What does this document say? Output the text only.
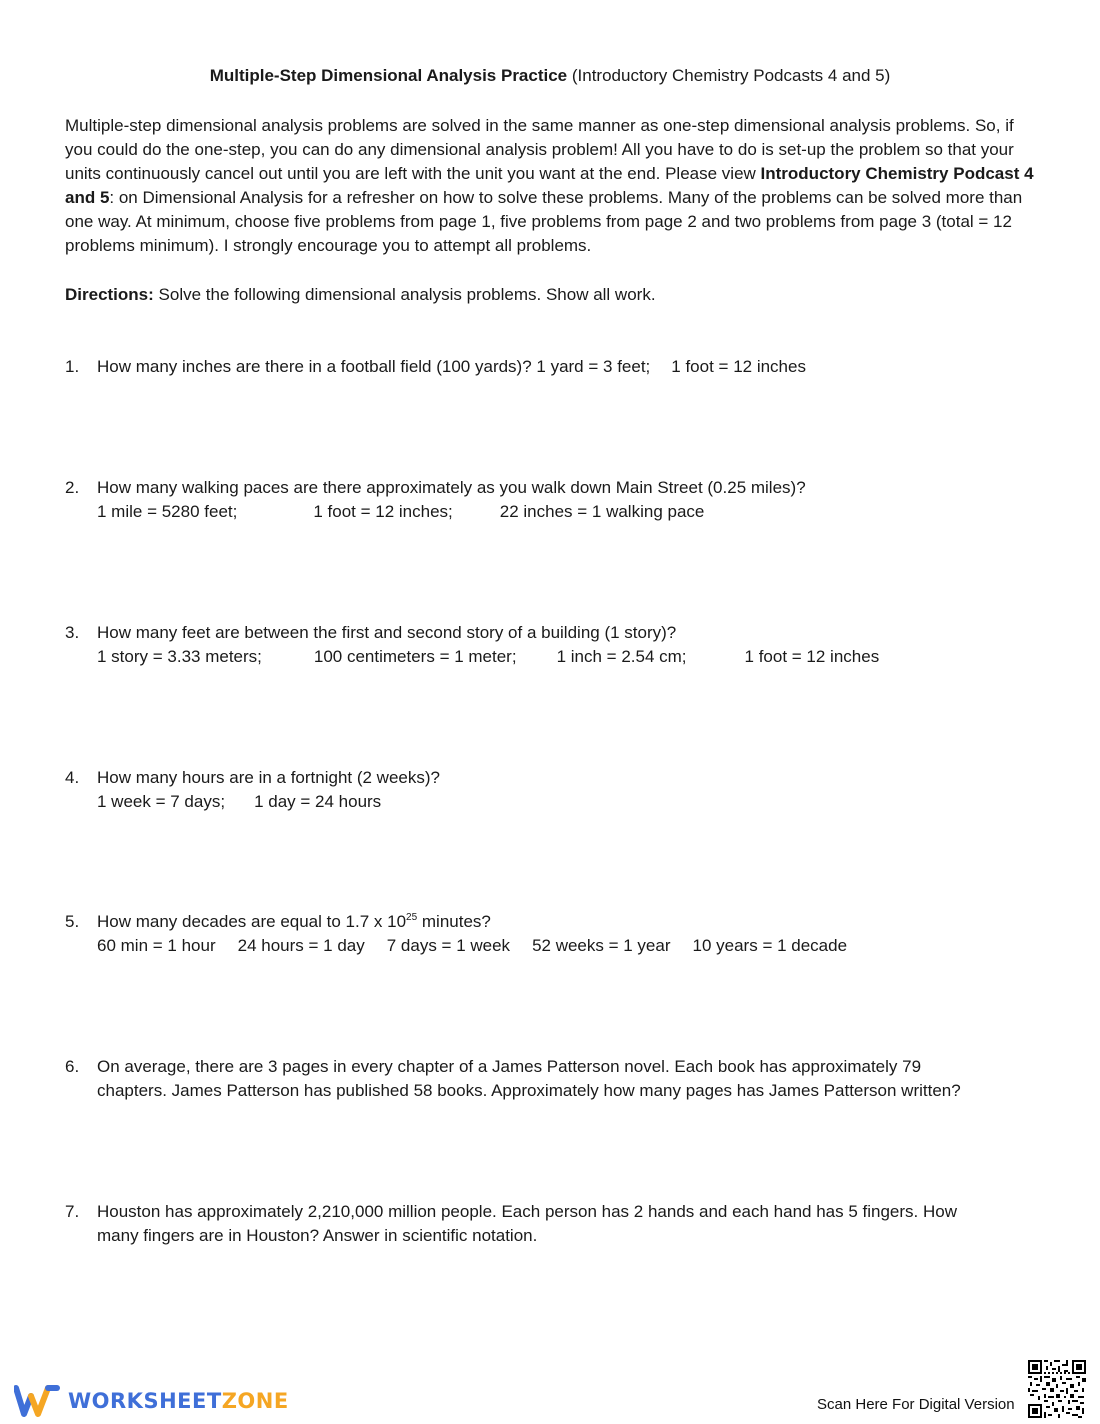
Multiple-Step Dimensional Analysis Practice (Introductory Chemistry Podcasts 4 and 5)
Multiple-step dimensional analysis problems are solved in the same manner as one-step dimensional analysis problems. So, if you could do the one-step, you can do any dimensional analysis problem! All you have to do is set-up the problem so that your units continuously cancel out until you are left with the unit you want at the end. Please view Introductory Chemistry Podcast 4 and 5: on Dimensional Analysis for a refresher on how to solve these problems. Many of the problems can be solved more than one way. At minimum, choose five problems from page 1, five problems from page 2 and two problems from page 3 (total = 12 problems minimum). I strongly encourage you to attempt all problems.
Directions: Solve the following dimensional analysis problems. Show all work.
1.	How many inches are there in a football field (100 yards)? 1 yard = 3 feet; 1 foot = 12 inches
2.	How many walking paces are there approximately as you walk down Main Street (0.25 miles)?
1 mile = 5280 feet;	1 foot = 12 inches;	22 inches = 1 walking pace
3.	How many feet are between the first and second story of a building (1 story)?
1 story = 3.33 meters;	100 centimeters = 1 meter; 1 inch = 2.54 cm;	1 foot = 12 inches
4.	How many hours are in a fortnight (2 weeks)?
1 week = 7 days; 1 day = 24 hours
5.	How many decades are equal to 1.7 x $10^{25}$ minutes?
60 min = 1 hour 24 hours = 1 day 7 days = 1 week 52 weeks = 1 year 10 years = 1 decade
6.	On average, there are 3 pages in every chapter of a James Patterson novel. Each book has approximately 79
chapters. James Patterson has published 58 books. Approximately how many pages has James Patterson written?
7.	Houston has approximately 2,210,000 million people. Each person has 2 hands and each hand has 5 fingers. How
many fingers are in Houston? Answer in scientific notation.
WORKSHEETZONE	Scan Here For Digital Version
